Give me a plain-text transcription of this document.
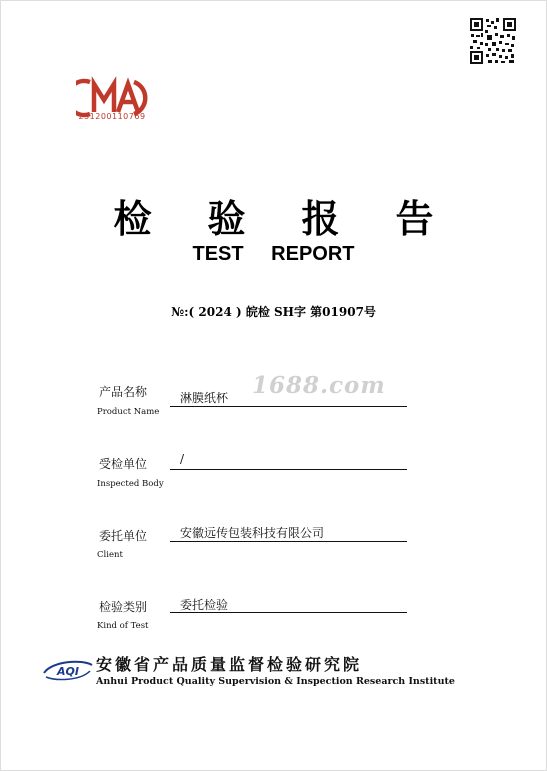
231200110769
检验报告
TEST REPORT
№:( 2024 ) 皖检 SH字 第01907号
1688.com
产品名称
Product Name
淋膜纸杯
受检单位
Inspected Body
/
委托单位
Client
安徽远传包装科技有限公司
检验类别
Kind of Test
委托检验
AQI 安徽省产品质量监督检验研究院
Anhui Product Quality Supervision & Inspection Research Institute
